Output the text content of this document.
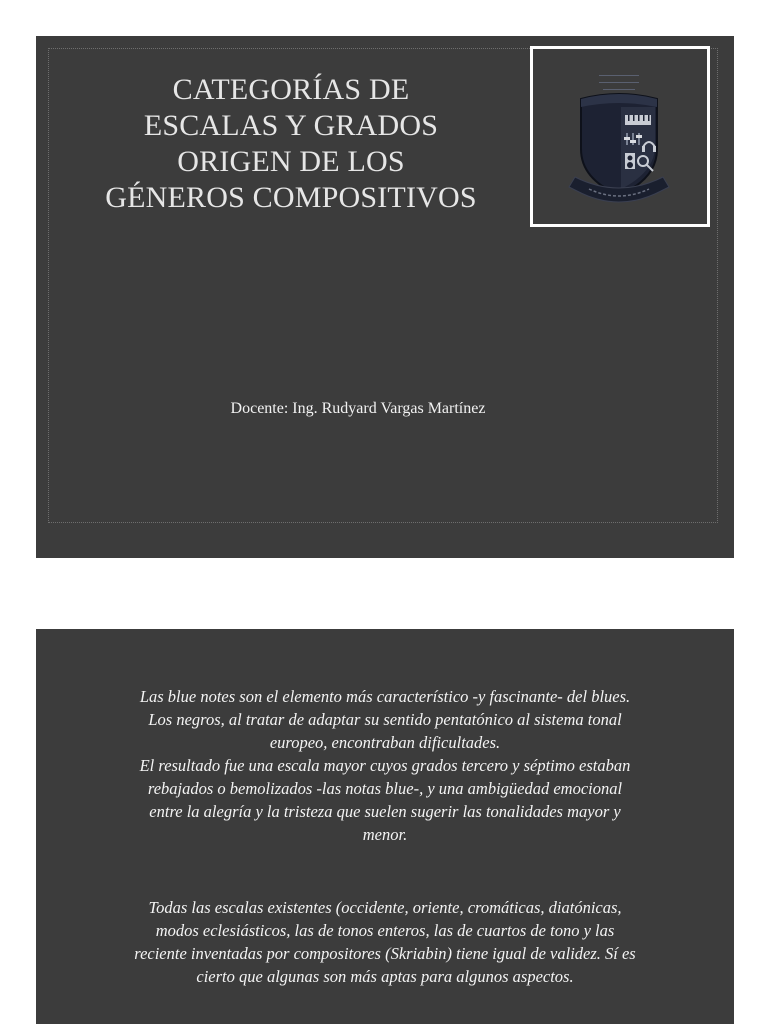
CATEGORÍAS DE
ESCALAS Y GRADOS
ORIGEN DE LOS
GÉNEROS COMPOSITIVOS
Docente: Ing. Rudyard Vargas Martínez

Las blue notes son el elemento más característico -y fascinante- del blues.
Los negros, al tratar de adaptar su sentido pentatónico al sistema tonal
europeo, encontraban dificultades.
El resultado fue una escala mayor cuyos grados tercero y séptimo estaban
rebajados o bemolizados -las notas blue-, y una ambigüedad emocional
entre la alegría y la tristeza que suelen sugerir las tonalidades mayor y
menor.

Todas las escalas existentes (occidente, oriente, cromáticas, diatónicas,
modos eclesiásticos, las de tonos enteros, las de cuartos de tono y las
reciente inventadas por compositores (Skriabin) tiene igual de validez. Sí es
cierto que algunas son más aptas para algunos aspectos.
